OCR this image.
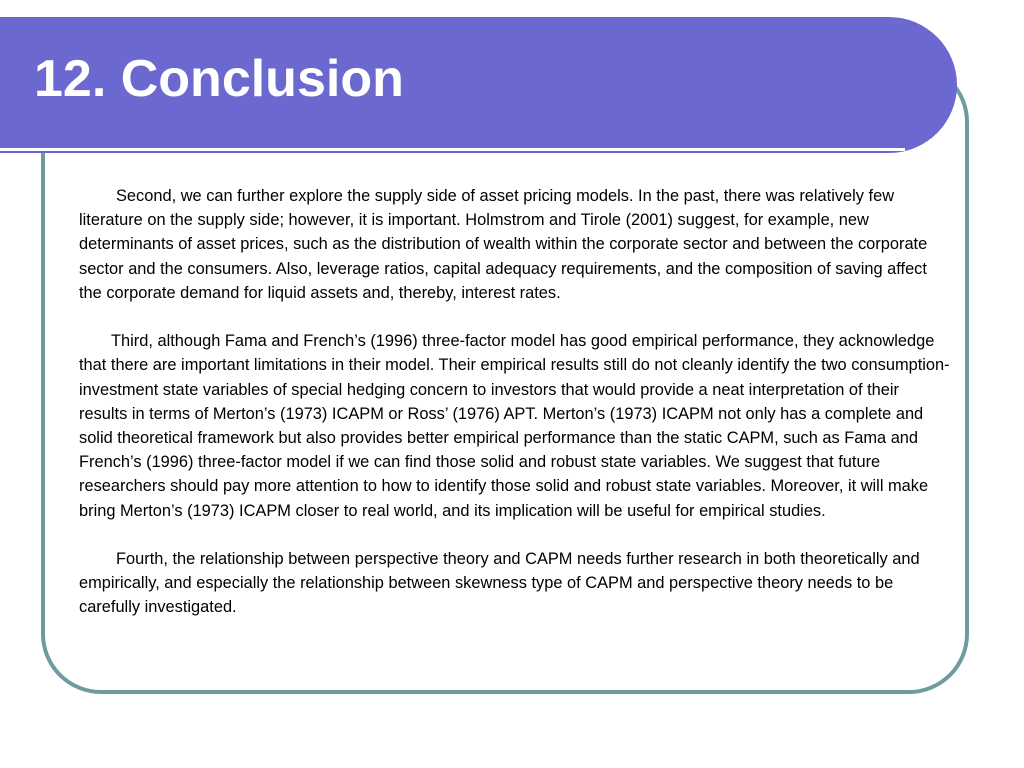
12. Conclusion

Second, we can further explore the supply side of asset pricing models. In the past, there was relatively few literature on the supply side; however, it is important. Holmstrom and Tirole (2001) suggest, for example, new determinants of asset prices, such as the distribution of wealth within the corporate sector and between the corporate sector and the consumers. Also, leverage ratios, capital adequacy requirements, and the composition of saving affect the corporate demand for liquid assets and, thereby, interest rates.

Third, although Fama and French’s (1996) three-factor model has good empirical performance, they acknowledge that there are important limitations in their model. Their empirical results still do not cleanly identify the two consumption-investment state variables of special hedging concern to investors that would provide a neat interpretation of their results in terms of Merton’s (1973) ICAPM or Ross’ (1976) APT. Merton’s (1973) ICAPM not only has a complete and solid theoretical framework but also provides better empirical performance than the static CAPM, such as Fama and French’s (1996) three-factor model if we can find those solid and robust state variables. We suggest that future researchers should pay more attention to how to identify those solid and robust state variables. Moreover, it will make bring Merton’s (1973) ICAPM closer to real world, and its implication will be useful for empirical studies.

Fourth, the relationship between perspective theory and CAPM needs further research in both theoretically and empirically, and especially the relationship between skewness type of CAPM and perspective theory needs to be carefully investigated.
